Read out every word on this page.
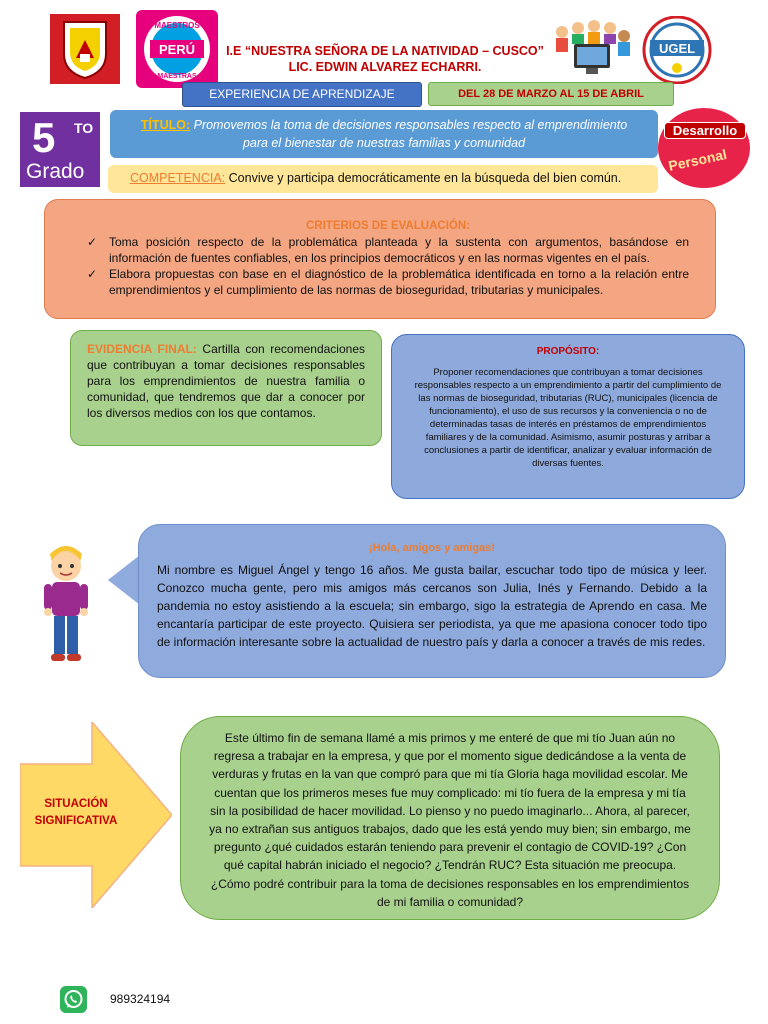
PERÚ
MAESTROS
MAESTRAS
I.E “NUESTRA SEÑORA DE LA NATIVIDAD – CUSCO”
LIC. EDWIN ALVAREZ ECHARRI.
UGEL
EXPERIENCIA DE APRENDIZAJE	DEL 28 DE MARZO AL 15 DE ABRIL
5 TO
Grado
TÍTULO: Promovemos la toma de decisiones responsables respecto al emprendimiento para el bienestar de nuestras familias y comunidad
COMPETENCIA: Convive y participa democráticamente en la búsqueda del bien común.
Desarrollo
Personal
CRITERIOS DE EVALUACIÓN:
✓ Toma posición respecto de la problemática planteada y la sustenta con argumentos, basándose en información de fuentes confiables, en los principios democráticos y en las normas vigentes en el país.
✓ Elabora propuestas con base en el diagnóstico de la problemática identificada en torno a la relación entre emprendimientos y el cumplimiento de las normas de bioseguridad, tributarias y municipales.
EVIDENCIA FINAL: Cartilla con recomendaciones que contribuyan a tomar decisiones responsables para los emprendimientos de nuestra familia o comunidad, que tendremos que dar a conocer por los diversos medios con los que contamos.
PROPÓSITO:
Proponer recomendaciones que contribuyan a tomar decisiones responsables respecto a un emprendimiento a partir del cumplimiento de las normas de bioseguridad, tributarias (RUC), municipales (licencia de funcionamiento), el uso de sus recursos y la conveniencia o no de determinadas tasas de interés en préstamos de emprendimientos familiares y de la comunidad. Asimismo, asumir posturas y arribar a conclusiones a partir de identificar, analizar y evaluar información de diversas fuentes.
¡Hola, amigos y amigas!
Mi nombre es Miguel Ángel y tengo 16 años. Me gusta bailar, escuchar todo tipo de música y leer. Conozco mucha gente, pero mis amigos más cercanos son Julia, Inés y Fernando. Debido a la pandemia no estoy asistiendo a la escuela; sin embargo, sigo la estrategia de Aprendo en casa. Me encantaría participar de este proyecto. Quisiera ser periodista, ya que me apasiona conocer todo tipo de información interesante sobre la actualidad de nuestro país y darla a conocer a través de mis redes.
SITUACIÓN
SIGNIFICATIVA
Este último fin de semana llamé a mis primos y me enteré de que mi tío Juan aún no regresa a trabajar en la empresa, y que por el momento sigue dedicándose a la venta de verduras y frutas en la van que compró para que mi tía Gloria haga movilidad escolar. Me cuentan que los primeros meses fue muy complicado: mi tío fuera de la empresa y mi tía sin la posibilidad de hacer movilidad. Lo pienso y no puedo imaginarlo... Ahora, al parecer, ya no extrañan sus antiguos trabajos, dado que les está yendo muy bien; sin embargo, me pregunto ¿qué cuidados estarán teniendo para prevenir el contagio de COVID-19? ¿Con qué capital habrán iniciado el negocio? ¿Tendrán RUC? Esta situación me preocupa. ¿Cómo podré contribuir para la toma de decisiones responsables en los emprendimientos de mi familia o comunidad?
989324194
